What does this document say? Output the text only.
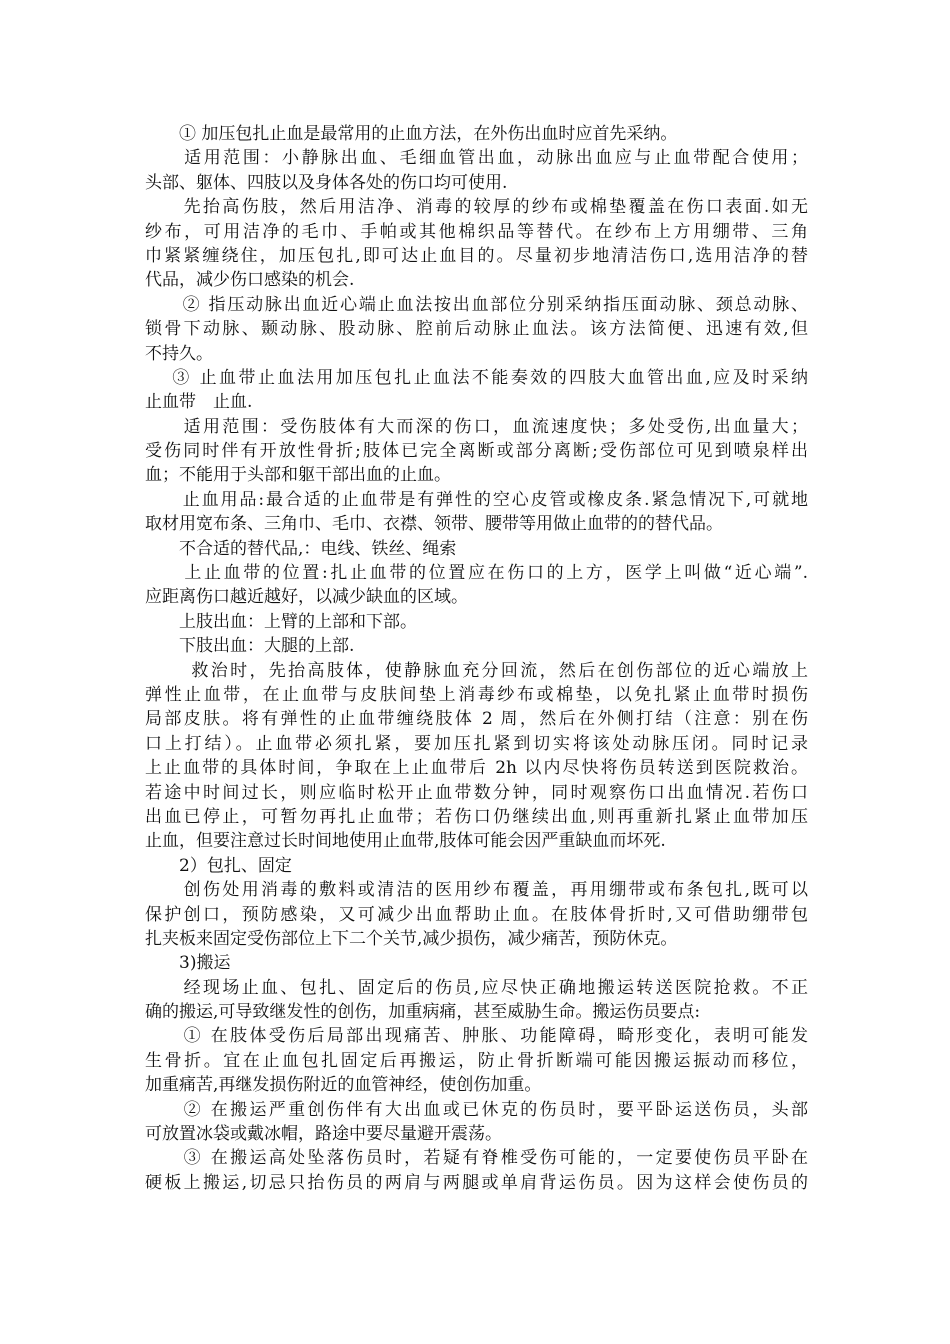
　　① 加压包扎止血是最常用的止血方法，在外伤出血时应首先采纳。
　　适用范围：小静脉出血、毛细血管出血，动脉出血应与止血带配合使用；
头部、躯体、四肢以及身体各处的伤口均可使用.
　　先抬高伤肢，然后用洁净、消毒的较厚的纱布或棉垫覆盖在伤口表面.如无
纱布，可用洁净的毛巾、手帕或其他棉织品等替代。在纱布上方用绷带、三角
巾紧紧缠绕住，加压包扎,即可达止血目的。尽量初步地清洁伤口,选用洁净的替
代品，减少伤口感染的机会.
　　② 指压动脉出血近心端止血法按出血部位分别采纳指压面动脉、颈总动脉、
锁骨下动脉、颞动脉、股动脉、腔前后动脉止血法。该方法简便、迅速有效,但
不持久。
　 ③ 止血带止血法用加压包扎止血法不能奏效的四肢大血管出血,应及时采纳
止血带　止血.
　　适用范围：受伤肢体有大而深的伤口，血流速度快；多处受伤,出血量大；
受伤同时伴有开放性骨折;肢体已完全离断或部分离断;受伤部位可见到喷泉样出
血；不能用于头部和躯干部出血的止血。
　　止血用品:最合适的止血带是有弹性的空心皮管或橡皮条.紧急情况下,可就地
取材用宽布条、三角巾、毛巾、衣襟、领带、腰带等用做止血带的的替代品。
　　不合适的替代品,：电线、铁丝、绳索
　　上止血带的位置:扎止血带的位置应在伤口的上方，医学上叫做“近心端”.
应距离伤口越近越好，以减少缺血的区域。
　　上肢出血：上臂的上部和下部。
　　下肢出血：大腿的上部.
　　 救治时，先抬高肢体，使静脉血充分回流，然后在创伤部位的近心端放上
弹性止血带，在止血带与皮肤间垫上消毒纱布或棉垫，以免扎紧止血带时损伤
局部皮肤。将有弹性的止血带缠绕肢体 2 周，然后在外侧打结（注意：别在伤
口上打结）。止血带必须扎紧，要加压扎紧到切实将该处动脉压闭。同时记录
上止血带的具体时间，争取在上止血带后 2h 以内尽快将伤员转送到医院救治。
若途中时间过长，则应临时松开止血带数分钟，同时观察伤口出血情况.若伤口
出血已停止，可暂勿再扎止血带；若伤口仍继续出血,则再重新扎紧止血带加压
止血，但要注意过长时间地使用止血带,肢体可能会因严重缺血而坏死.
　　2）包扎、固定
　　创伤处用消毒的敷料或清洁的医用纱布覆盖，再用绷带或布条包扎,既可以
保护创口，预防感染，又可减少出血帮助止血。在肢体骨折时,又可借助绷带包
扎夹板来固定受伤部位上下二个关节,减少损伤，减少痛苦，预防休克。
　　3)搬运
　　经现场止血、包扎、固定后的伤员,应尽快正确地搬运转送医院抢救。不正
确的搬运,可导致继发性的创伤，加重病痛，甚至威胁生命。搬运伤员要点:
　　① 在肢体受伤后局部出现痛苦、肿胀、功能障碍，畸形变化，表明可能发
生骨折。宜在止血包扎固定后再搬运，防止骨折断端可能因搬运振动而移位，
加重痛苦,再继发损伤附近的血管神经，使创伤加重。
　　② 在搬运严重创伤伴有大出血或已休克的伤员时，要平卧运送伤员，头部
可放置冰袋或戴冰帽，路途中要尽量避开震荡。
　　③ 在搬运高处坠落伤员时，若疑有脊椎受伤可能的，一定要使伤员平卧在
硬板上搬运,切忌只抬伤员的两肩与两腿或单肩背运伤员。因为这样会使伤员的
